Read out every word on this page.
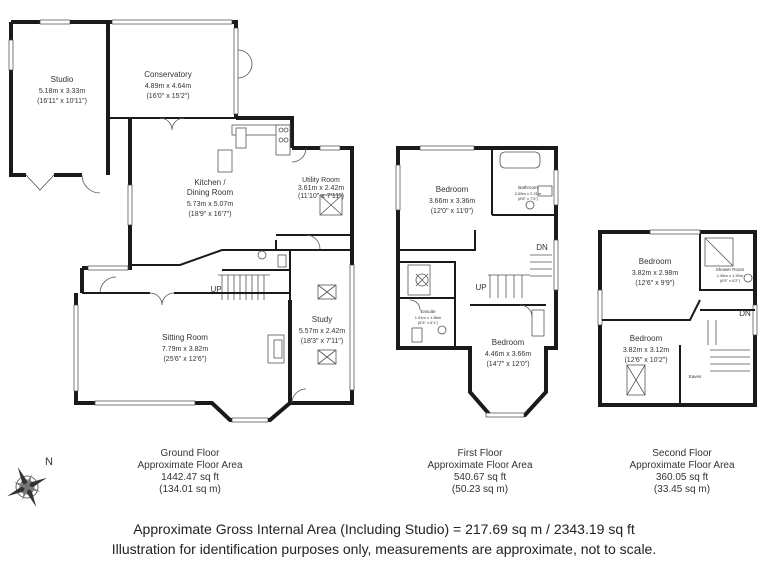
Studio
5.18m x 3.33m
(16'11" x 10'11")
Conservatory
4.89m x 4.64m
(16'0" x 15'2")
Kitchen /
Dining Room
5.73m x 5.07m
(18'9" x 16'7")
Utility Room
3.61m x 2.42m
(11'10" x 7'11")
Sitting Room
7.79m x 3.82m
(25'6" x 12'6")
Study
5.57m x 2.42m
(18'3" x 7'11")
Bedroom
3.66m x 3.36m
(12'0" x 11'0")
Bathroom
2.65m x 2.21m
(8'8" x 7'3")
Ensuite
1.91m x 1.86m
(6'3" x 6'1")
Bedroom
4.46m x 3.66m
(14'7" x 12'0")
Bedroom
3.82m x 2.98m
(12'6" x 9'9")
Shower Room
1.96m x 1.90m
(6'5" x 6'2")
Bedroom
3.82m x 3.12m
(12'6" x 10'2")
Eaves
UP	UP
DN
DN
N
Ground Floor
Approximate Floor Area
1442.47 sq ft
(134.01 sq m)
First Floor
Approximate Floor Area
540.67 sq ft
(50.23 sq m)
Second Floor
Approximate Floor Area
360.05 sq ft
(33.45 sq m)
Approximate Gross Internal Area (Including Studio) = 217.69 sq m / 2343.19 sq ft
Illustration for identification purposes only, measurements are approximate, not to scale.
